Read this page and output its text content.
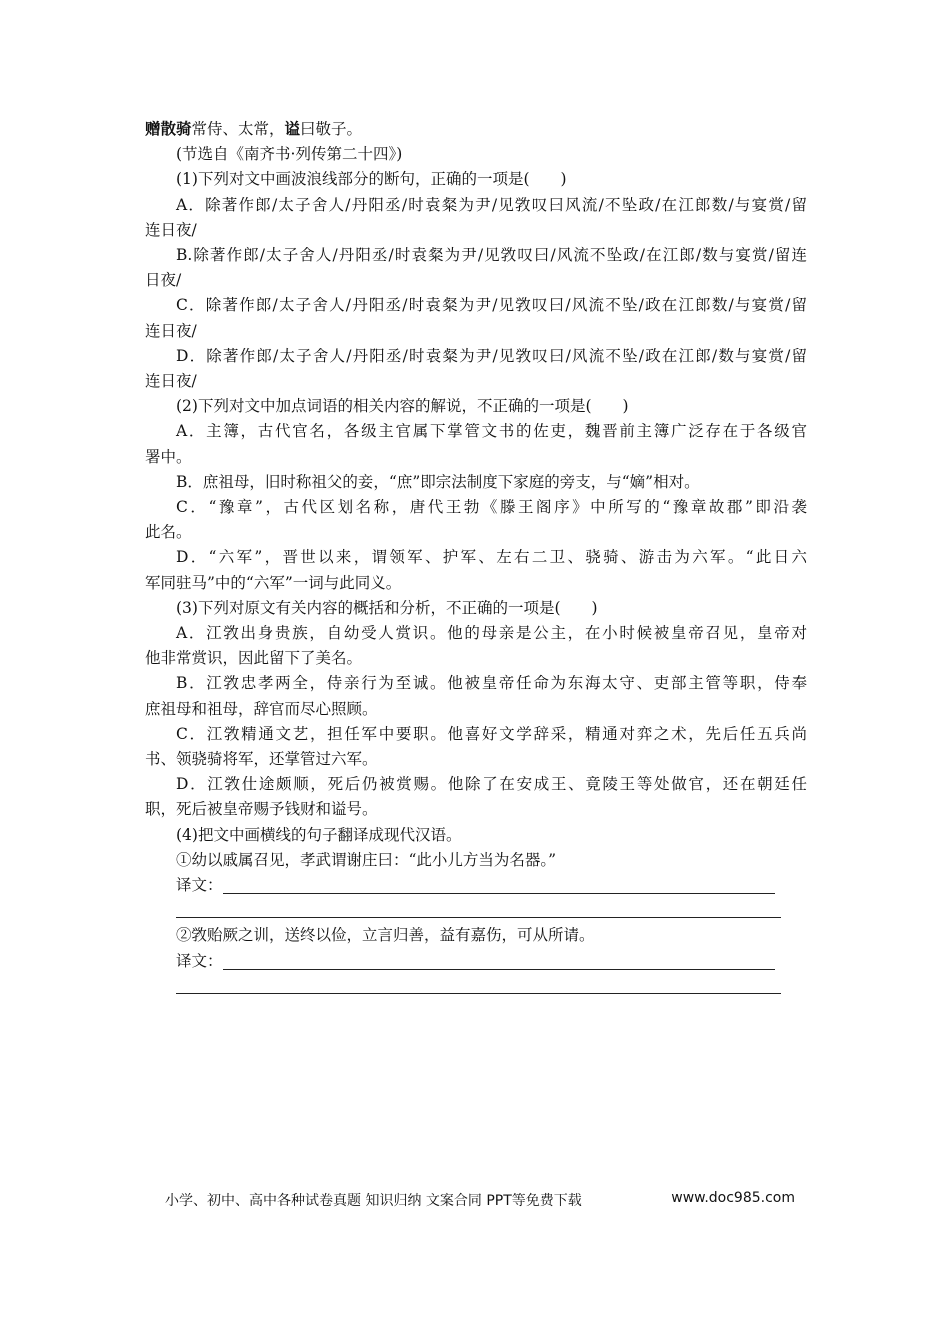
赠散骑常侍、太常，谥曰敬子。
(节选自《南齐书·列传第二十四》)
(1)下列对文中画波浪线部分的断句，正确的一项是(　　)
A．除著作郎/太子舍人/丹阳丞/时袁粲为尹/见敩叹曰风流/不坠政/在江郎数/与宴赏/留
连日夜/
B.除著作郎/太子舍人/丹阳丞/时袁粲为尹/见敩叹曰/风流不坠政/在江郎/数与宴赏/留连
日夜/
C．除著作郎/太子舍人/丹阳丞/时袁粲为尹/见敩叹曰/风流不坠/政在江郎数/与宴赏/留
连日夜/
D．除著作郎/太子舍人/丹阳丞/时袁粲为尹/见敩叹曰/风流不坠/政在江郎/数与宴赏/留
连日夜/
(2)下列对文中加点词语的相关内容的解说，不正确的一项是(　　)
A．主簿，古代官名，各级主官属下掌管文书的佐吏，魏晋前主簿广泛存在于各级官
署中。
B．庶祖母，旧时称祖父的妾，“庶”即宗法制度下家庭的旁支，与“嫡”相对。
C．“豫章”，古代区划名称，唐代王勃《滕王阁序》中所写的“豫章故郡”即沿袭
此名。
D．“六军”，晋世以来，谓领军、护军、左右二卫、骁骑、游击为六军。“此日六
军同驻马”中的“六军”一词与此同义。
(3)下列对原文有关内容的概括和分析，不正确的一项是(　　)
A．江敩出身贵族，自幼受人赏识。他的母亲是公主，在小时候被皇帝召见，皇帝对
他非常赏识，因此留下了美名。
B．江敩忠孝两全，侍亲行为至诚。他被皇帝任命为东海太守、吏部主管等职，侍奉
庶祖母和祖母，辞官而尽心照顾。
C．江敩精通文艺，担任军中要职。他喜好文学辞采，精通对弈之术，先后任五兵尚
书、领骁骑将军，还掌管过六军。
D．江敩仕途颇顺，死后仍被赏赐。他除了在安成王、竟陵王等处做官，还在朝廷任
职，死后被皇帝赐予钱财和谥号。
(4)把文中画横线的句子翻译成现代汉语。
①幼以戚属召见，孝武谓谢庄曰：“此小儿方当为名器。”
译文：
②敩贻厥之训，送终以俭，立言归善，益有嘉伤，可从所请。
译文：
小学、初中、高中各种试卷真题 知识归纳 文案合同 PPT等免费下载	www.doc985.com
